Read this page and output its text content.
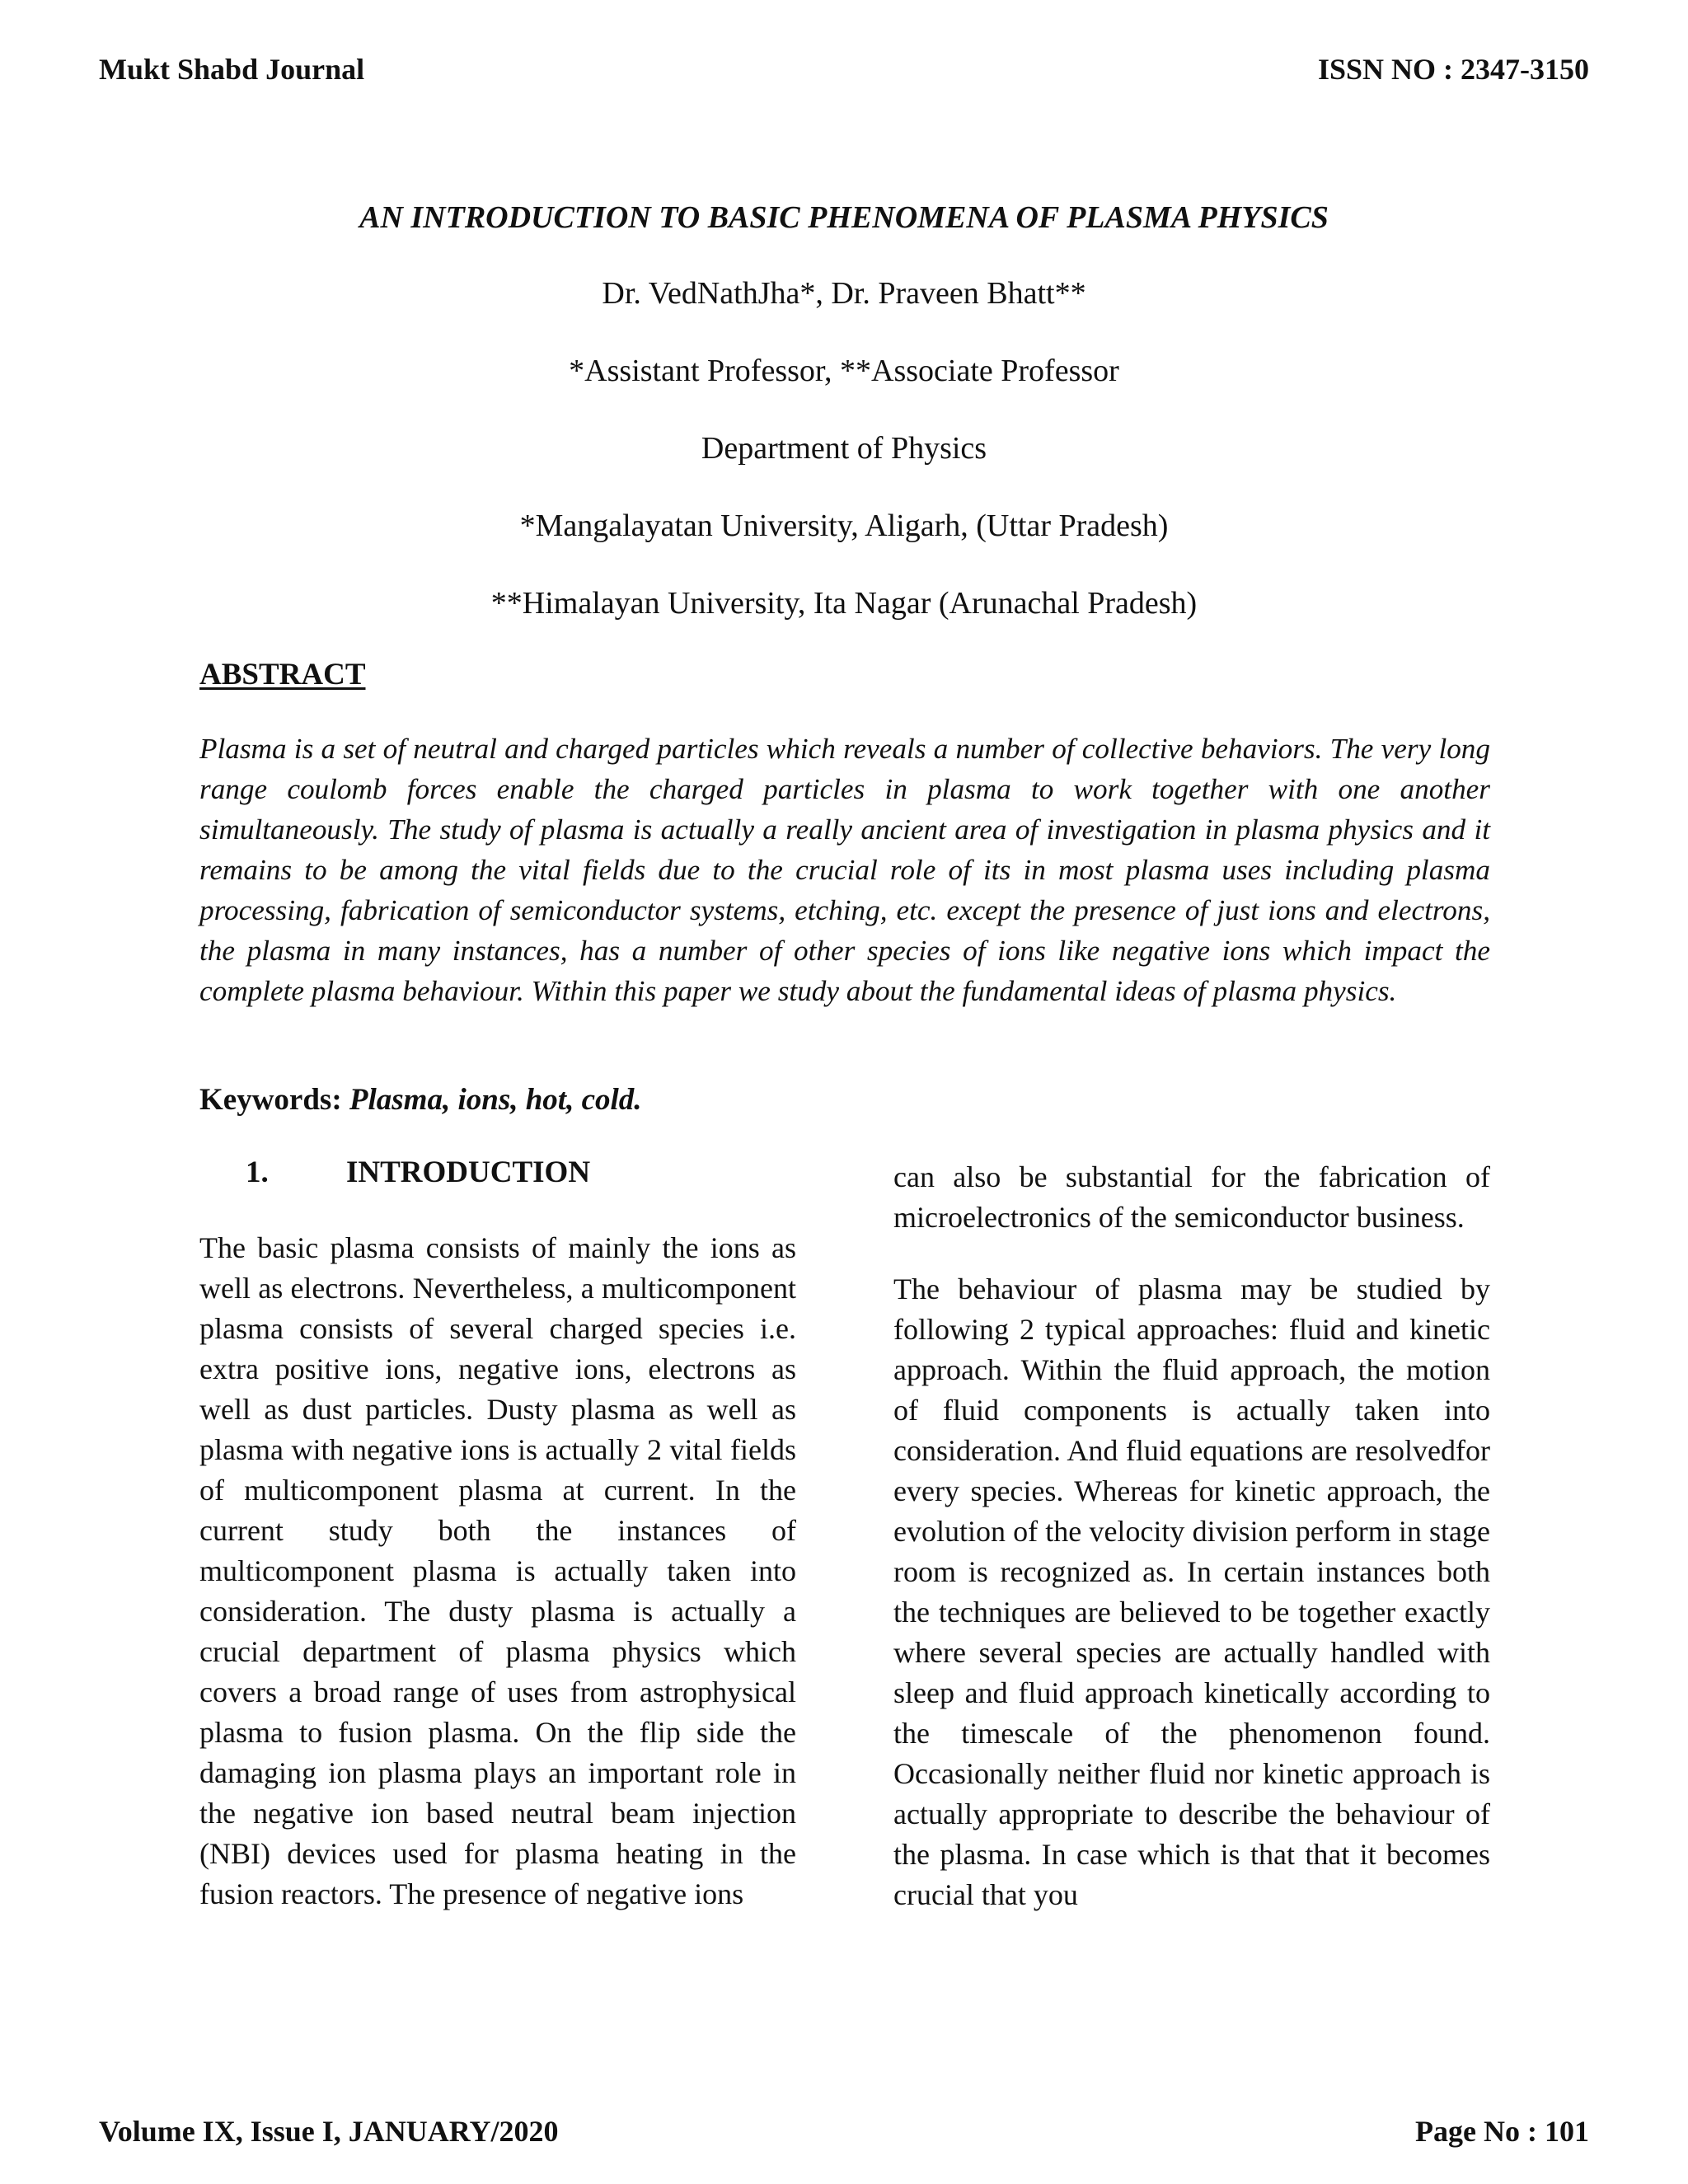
Mukt Shabd Journal	ISSN NO : 2347-3150
AN INTRODUCTION TO BASIC PHENOMENA OF PLASMA PHYSICS
Dr. VedNathJha*, Dr. Praveen Bhatt**
*Assistant Professor, **Associate Professor
Department of Physics
*Mangalayatan University, Aligarh, (Uttar Pradesh)
**Himalayan University, Ita Nagar (Arunachal Pradesh)
ABSTRACT

Plasma is a set of neutral and charged particles which reveals a number of collective behaviors. The very long range coulomb forces enable the charged particles in plasma to work together with one another simultaneously. The study of plasma is actually a really ancient area of investigation in plasma physics and it remains to be among the vital fields due to the crucial role of its in most plasma uses including plasma processing, fabrication of semiconductor systems, etching, etc. except the presence of just ions and electrons, the plasma in many instances, has a number of other species of ions like negative ions which impact the complete plasma behaviour. Within this paper we study about the fundamental ideas of plasma physics.

Keywords: Plasma, ions, hot, cold.
1.	INTRODUCTION

The basic plasma consists of mainly the ions as well as electrons. Nevertheless, a multicomponent plasma consists of several charged species i.e. extra positive ions, negative ions, electrons as well as dust particles. Dusty plasma as well as plasma with negative ions is actually 2 vital fields of multicomponent plasma at current. In the current study both the instances of multicomponent plasma is actually taken into consideration. The dusty plasma is actually a crucial department of plasma physics which covers a broad range of uses from astrophysical plasma to fusion plasma. On the flip side the damaging ion plasma plays an important role in the negative ion based neutral beam injection (NBI) devices used for plasma heating in the fusion reactors. The presence of negative ions

can also be substantial for the fabrication of microelectronics of the semiconductor business.

The behaviour of plasma may be studied by following 2 typical approaches: fluid and kinetic approach. Within the fluid approach, the motion of fluid components is actually taken into consideration. And fluid equations are resolvedfor every species. Whereas for kinetic approach, the evolution of the velocity division perform in stage room is recognized as. In certain instances both the techniques are believed to be together exactly where several species are actually handled with sleep and fluid approach kinetically according to the timescale of the phenomenon found. Occasionally neither fluid nor kinetic approach is actually appropriate to describe the behaviour of the plasma. In case which is that that it becomes crucial that you

Volume IX, Issue I, JANUARY/2020	Page No : 101
